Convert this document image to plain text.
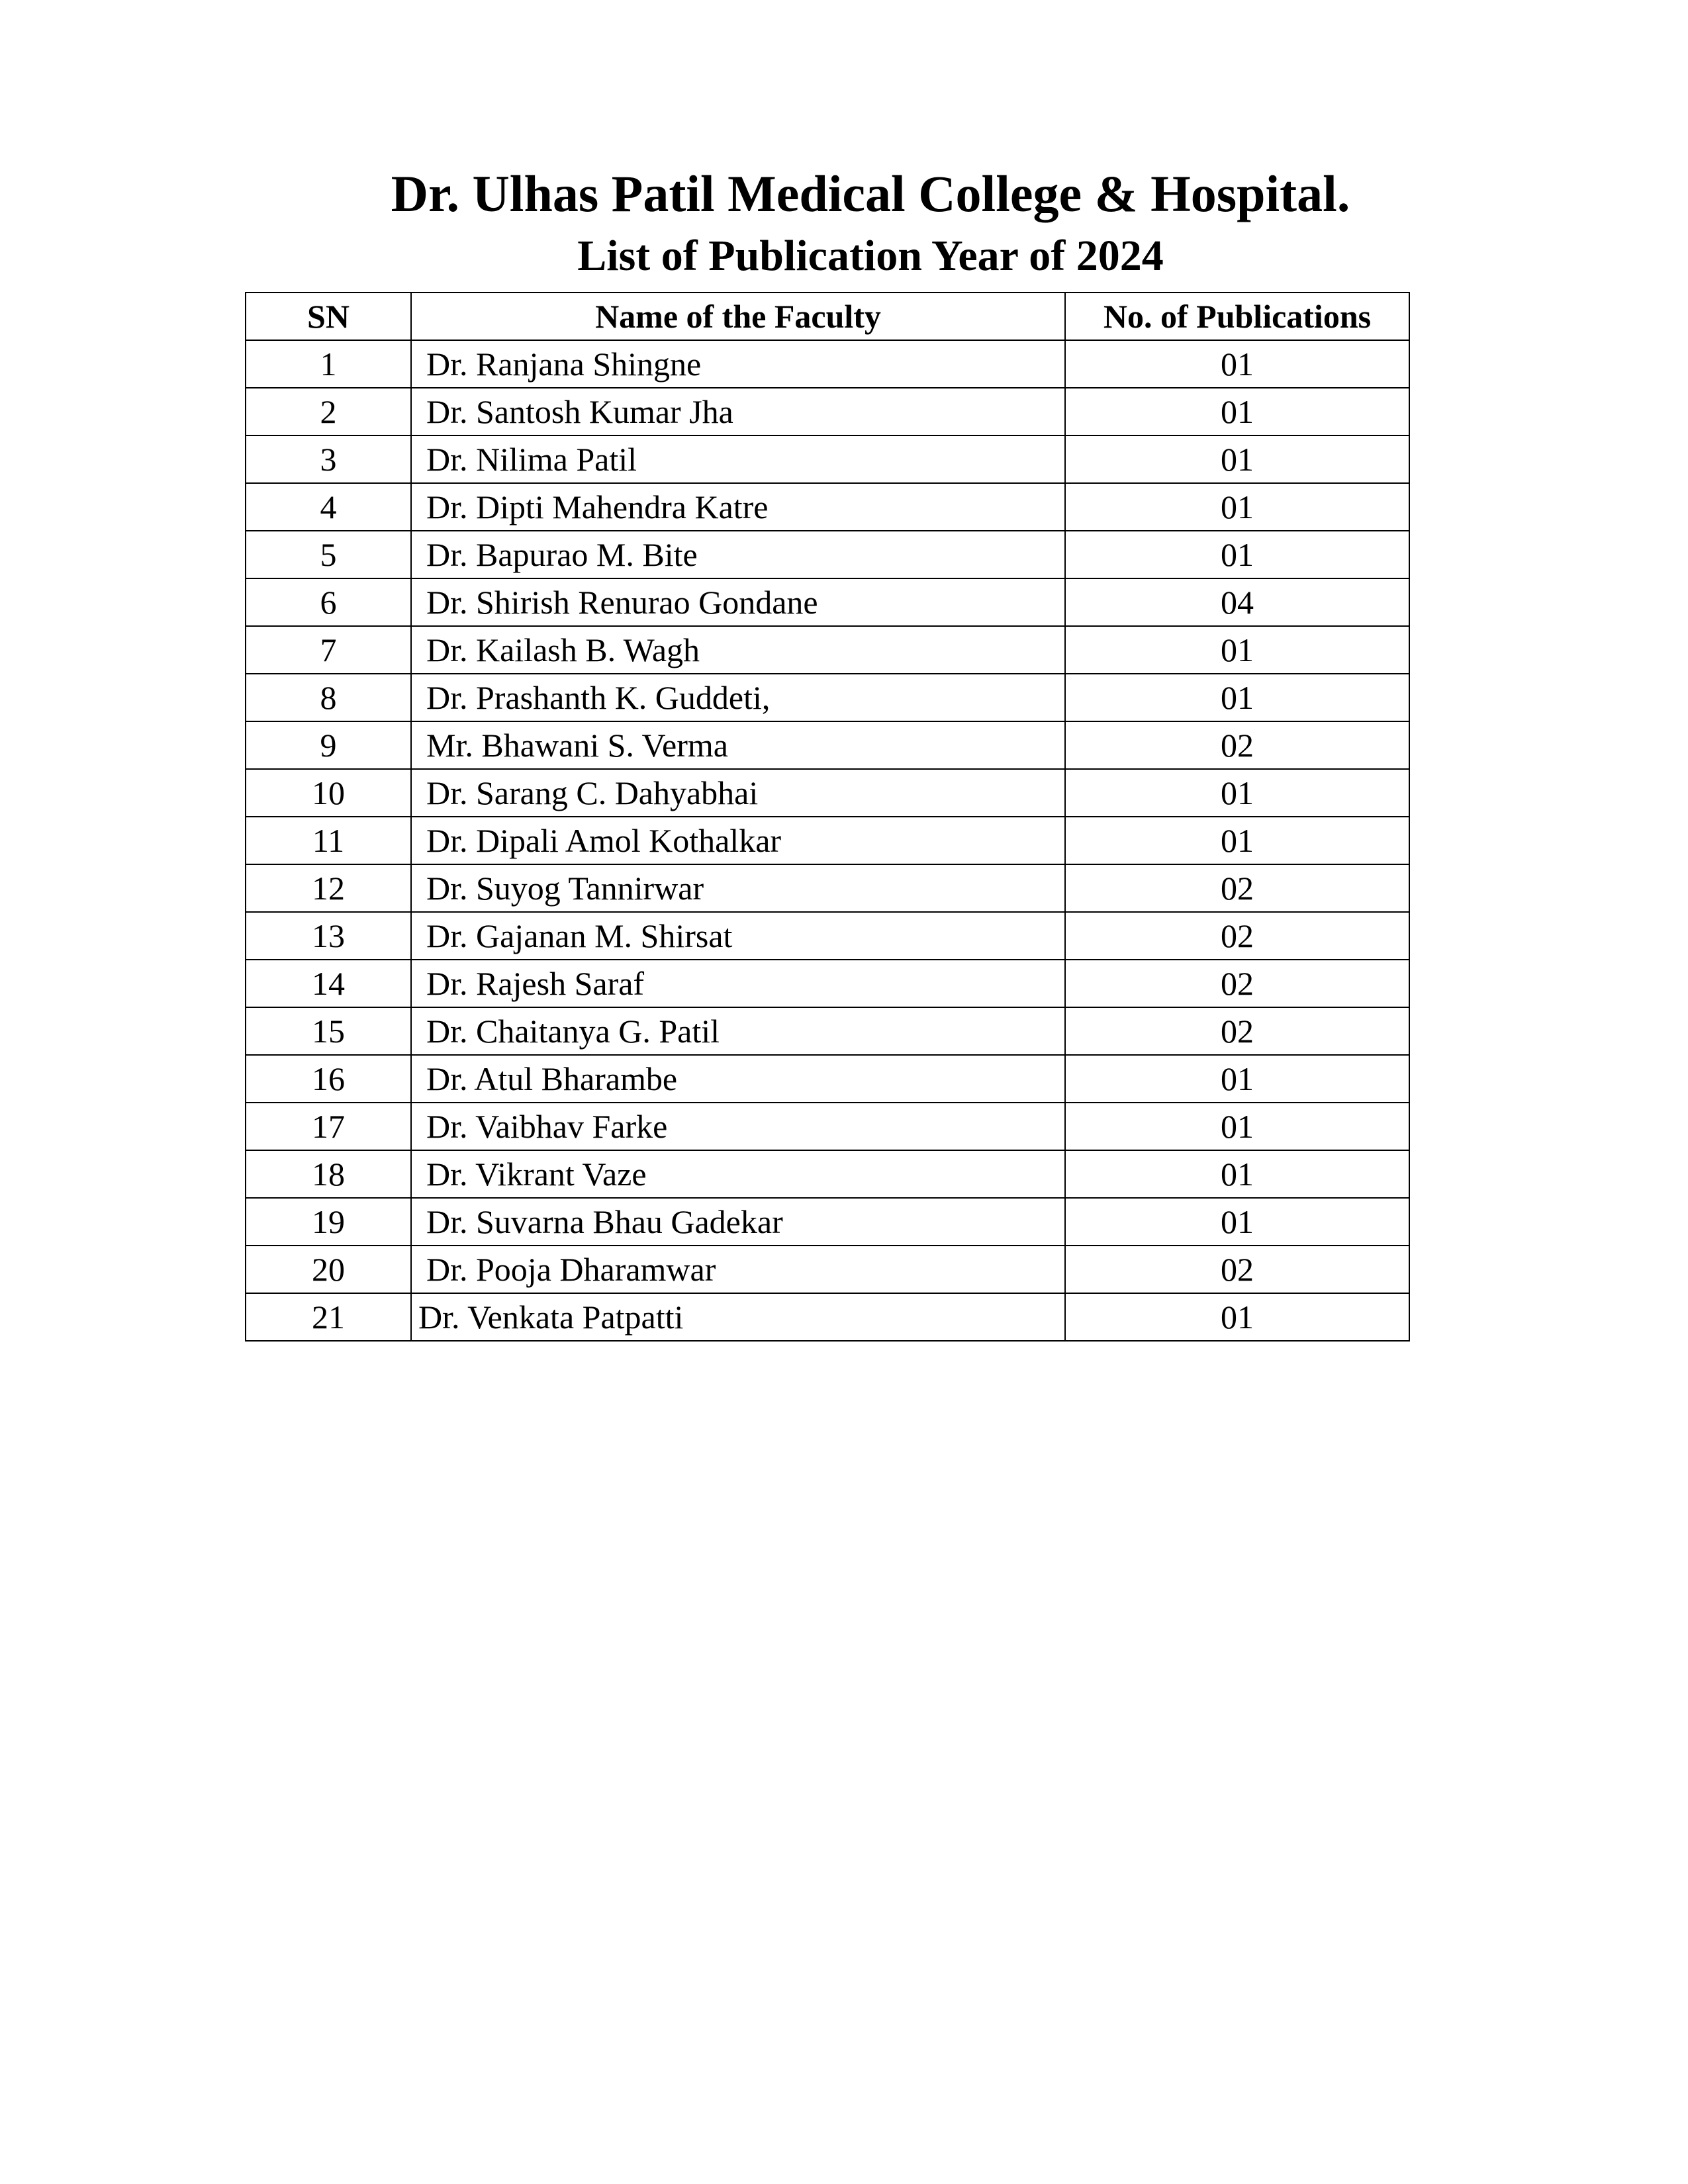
Dr. Ulhas Patil Medical College & Hospital.
List of Publication Year of 2024
SN	Name of the Faculty	No. of Publications
1	Dr. Ranjana Shingne	01
2	Dr. Santosh Kumar Jha	01
3	Dr. Nilima Patil	01
4	Dr. Dipti Mahendra Katre	01
5	Dr. Bapurao M. Bite	01
6	Dr. Shirish Renurao Gondane	04
7	Dr. Kailash B. Wagh	01
8	Dr. Prashanth K. Guddeti,	01
9	Mr. Bhawani S. Verma	02
10	Dr. Sarang C. Dahyabhai	01
11	Dr. Dipali Amol Kothalkar	01
12	Dr. Suyog Tannirwar	02
13	Dr. Gajanan M. Shirsat	02
14	Dr. Rajesh Saraf	02
15	Dr. Chaitanya G. Patil	02
16	Dr. Atul Bharambe	01
17	Dr. Vaibhav Farke	01
18	Dr. Vikrant Vaze	01
19	Dr. Suvarna Bhau Gadekar	01
20	Dr. Pooja Dharamwar	02
21	Dr. Venkata Patpatti	01
